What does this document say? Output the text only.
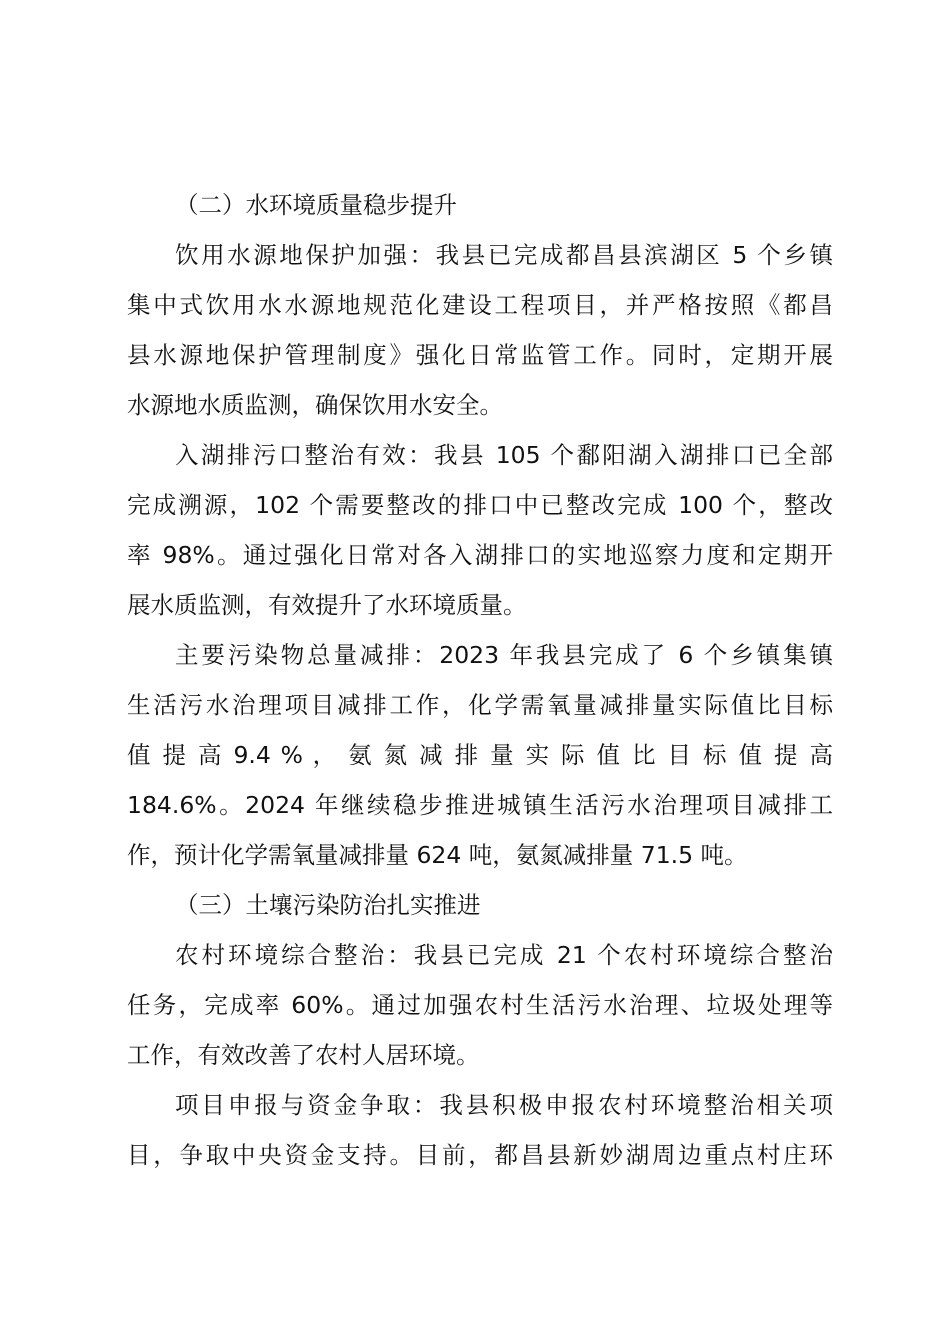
（二）水环境质量稳步提升
饮用水源地保护加强：我县已完成都昌县滨湖区 5 个乡镇
集中式饮用水水源地规范化建设工程项目，并严格按照《都昌
县水源地保护管理制度》强化日常监管工作。同时，定期开展
水源地水质监测，确保饮用水安全。
入湖排污口整治有效：我县 105 个鄱阳湖入湖排口已全部
完成溯源，102 个需要整改的排口中已整改完成 100 个，整改
率 98%。通过强化日常对各入湖排口的实地巡察力度和定期开
展水质监测，有效提升了水环境质量。
主要污染物总量减排：2023 年我县完成了 6 个乡镇集镇
生活污水治理项目减排工作，化学需氧量减排量实际值比目标
值 提 高 9.4 % ， 氨 氮 减 排 量 实 际 值 比 目 标 值 提 高
184.6%。2024 年继续稳步推进城镇生活污水治理项目减排工
作，预计化学需氧量减排量 624 吨，氨氮减排量 71.5 吨。
（三）土壤污染防治扎实推进
农村环境综合整治：我县已完成 21 个农村环境综合整治
任务，完成率 60%。通过加强农村生活污水治理、垃圾处理等
工作，有效改善了农村人居环境。
项目申报与资金争取：我县积极申报农村环境整治相关项
目，争取中央资金支持。目前，都昌县新妙湖周边重点村庄环
